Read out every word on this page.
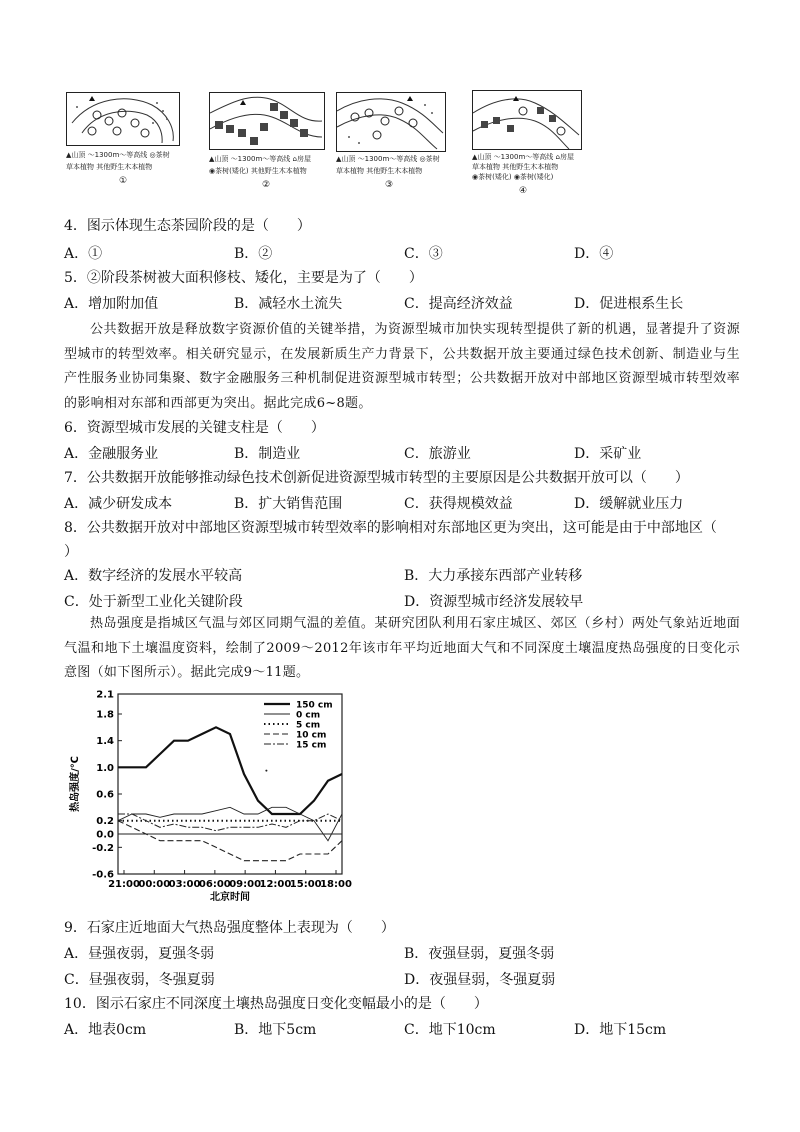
▲山顶 ～1300m～等高线 ◎茶树
草本植物 其他野生木本植物
①
▲山顶 ～1300m～等高线 ⌂房屋
◉茶树(矮化) 其他野生木本植物
②
▲山顶 ～1300m～等高线 ◎茶树
草本植物 其他野生木本植物
③
▲山顶 ～1300m～等高线 ⌂房屋
草本植物 其他野生木本植物
◉茶树(矮化) ◉茶树(矮化)
④
4．图示体现生态茶园阶段的是（　　）
A．①	B．②	C．③	D．④
5．②阶段茶树被大面积修枝、矮化，主要是为了（　　）
A．增加附加值	B．减轻水土流失	C．提高经济效益	D．促进根系生长
公共数据开放是释放数字资源价值的关键举措，为资源型城市加快实现转型提供了新的机遇，显著提升了资源型城市的转型效率。相关研究显示，在发展新质生产力背景下，公共数据开放主要通过绿色技术创新、制造业与生产性服务业协同集聚、数字金融服务三种机制促进资源型城市转型；公共数据开放对中部地区资源型城市转型效率的影响相对东部和西部更为突出。据此完成6~8题。
6．资源型城市发展的关键支柱是（　　）
A．金融服务业	B．制造业	C．旅游业	D．采矿业
7．公共数据开放能够推动绿色技术创新促进资源型城市转型的主要原因是公共数据开放可以（　　）
A．减少研发成本	B．扩大销售范围	C．获得规模效益	D．缓解就业压力
8．公共数据开放对中部地区资源型城市转型效率的影响相对东部地区更为突出，这可能是由于中部地区（
）
A．数字经济的发展水平较高	B．大力承接东西部产业转移
C．处于新型工业化关键阶段	D．资源型城市经济发展较早
热岛强度是指城区气温与郊区同期气温的差值。某研究团队利用石家庄城区、郊区（乡村）两处气象站近地面气温和地下土壤温度资料，绘制了2009～2012年该市年平均近地面大气和不同深度土壤温度热岛强度的日变化示意图（如下图所示）。据此完成9～11题。
2.1
1.8
1.4
1.0
0.6
0.2
0.0
-0.2
-0.6
21:00
00:00
03:00
06:00
09:00
12:00
15:00
18:00
150 cm
0 cm
5 cm
10 cm
15 cm
热岛强度/℃
北京时间
9．石家庄近地面大气热岛强度整体上表现为（　　）
A．昼强夜弱，夏强冬弱	B．夜强昼弱，夏强冬弱
C．昼强夜弱，冬强夏弱	D．夜强昼弱，冬强夏弱
10．图示石家庄不同深度土壤热岛强度日变化变幅最小的是（　　）
A．地表0cm	B．地下5cm	C．地下10cm	D．地下15cm
